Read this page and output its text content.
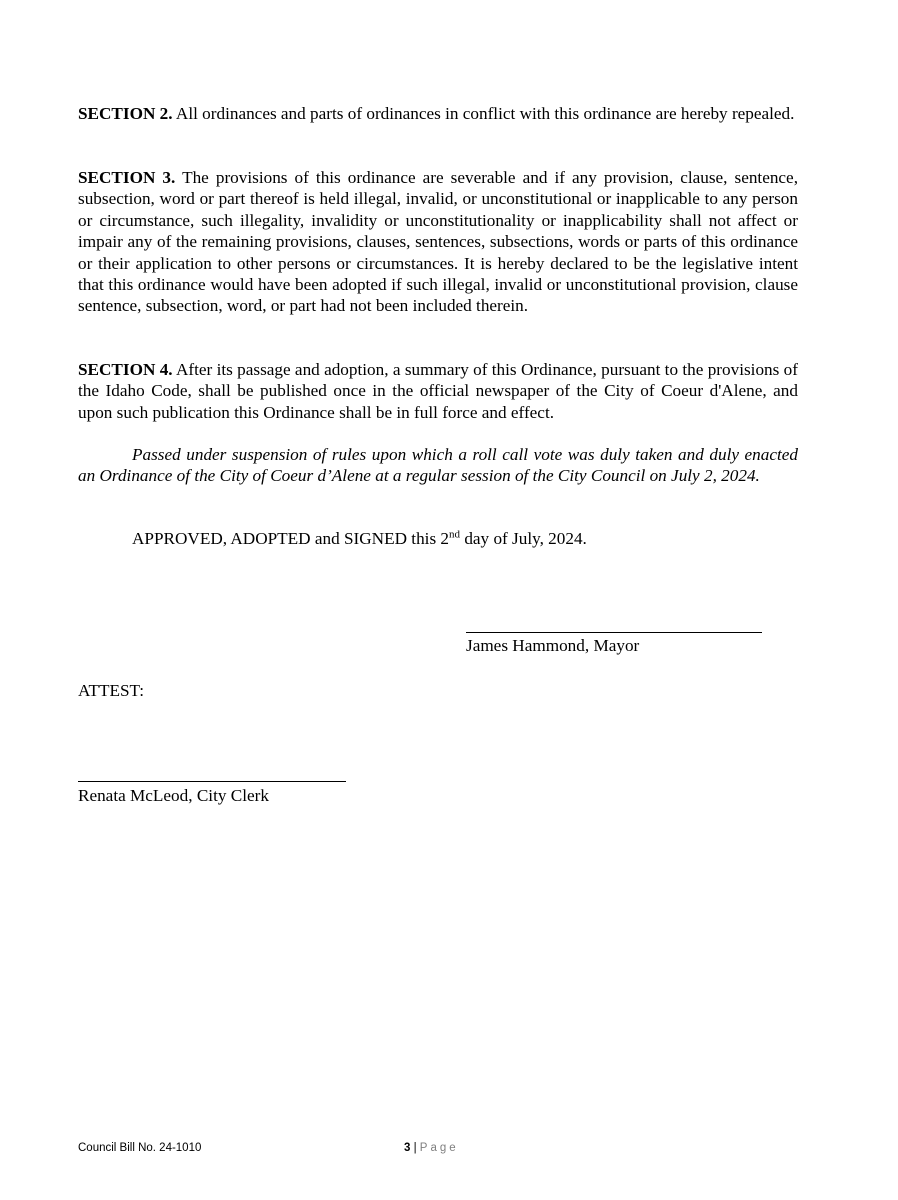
SECTION 2. All ordinances and parts of ordinances in conflict with this ordinance are hereby repealed.

SECTION 3. The provisions of this ordinance are severable and if any provision, clause, sentence, subsection, word or part thereof is held illegal, invalid, or unconstitutional or inapplicable to any person or circumstance, such illegality, invalidity or unconstitutionality or inapplicability shall not affect or impair any of the remaining provisions, clauses, sentences, subsections, words or parts of this ordinance or their application to other persons or circumstances. It is hereby declared to be the legislative intent that this ordinance would have been adopted if such illegal, invalid or unconstitutional provision, clause sentence, subsection, word, or part had not been included therein.

SECTION 4. After its passage and adoption, a summary of this Ordinance, pursuant to the provisions of the Idaho Code, shall be published once in the official newspaper of the City of Coeur d'Alene, and upon such publication this Ordinance shall be in full force and effect.

Passed under suspension of rules upon which a roll call vote was duly taken and duly enacted an Ordinance of the City of Coeur d’Alene at a regular session of the City Council on July 2, 2024.

APPROVED, ADOPTED and SIGNED this 2nd day of July, 2024.
James Hammond, Mayor
ATTEST:
Renata McLeod, City Clerk
Council Bill No. 24-1010	3 | Page
